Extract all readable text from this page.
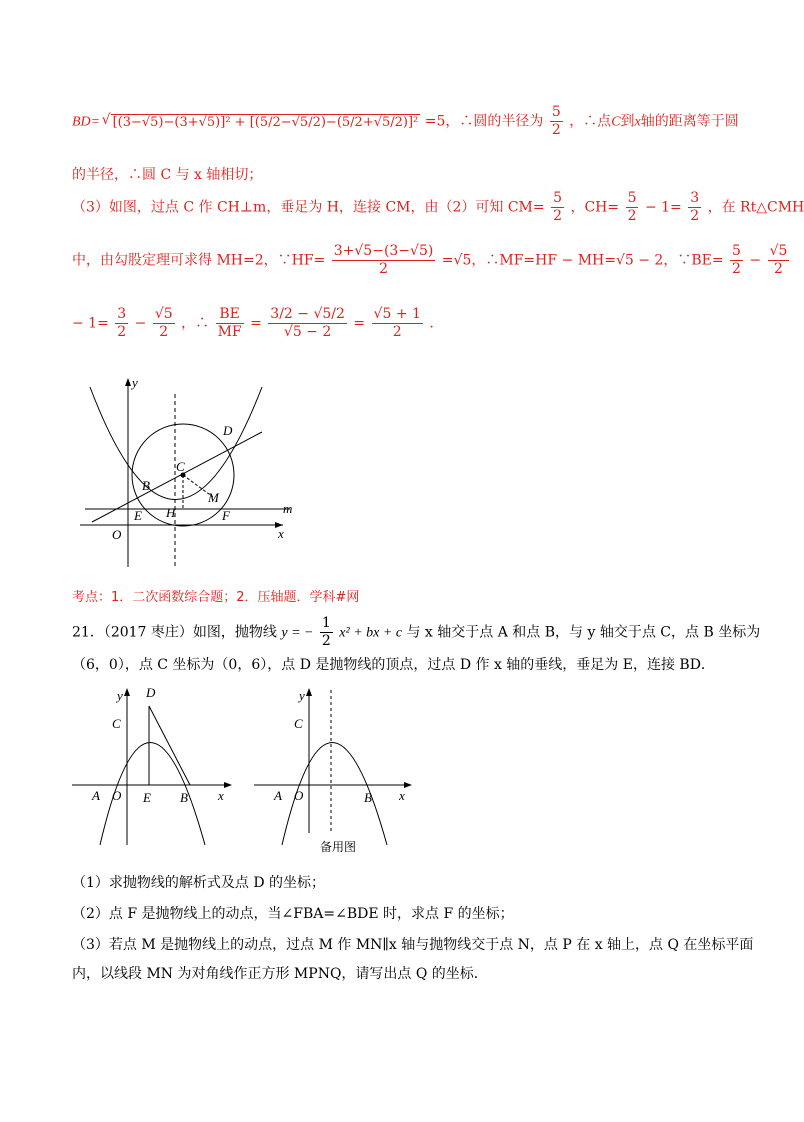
BD= √ [(3−√5)−(3+√5)]² + [(5/2−√5/2)−(5/2+√5/2)]² =5，∴圆的半径为 $\frac{5}{2}$ ，∴点C到x轴的距离等于圆
的半径，∴圆 C 与 x 轴相切；
（3）如图，过点 C 作 CH⊥m，垂足为 H，连接 CM，由（2）可知 $CM= \frac{5}{2}$ ，$CH= \frac{5}{2} - 1= \frac{3}{2}$ ，在 Rt△CMH
中，由勾股定理可求得 MH=2，∵HF= $\frac{3+√5-(3-√5)}{2} =√5$，∴MF=HF − MH=√5 − 2，∵BE= $\frac{5}{2} - \frac{√5}{2}$
− $1= \frac{3}{2} - \frac{√5}{2}$ ，∴ $\frac{BE}{MF} = \frac{3/2 - √5/2}{√5 - 2} = \frac{√5 + 1}{2}$ .
y
x
O
B
C
D
E H	F
M
m
考点：1．二次函数综合题；2．压轴题．学科#网
21．（2017 枣庄）如图，抛物线 y = − $\frac{1}{2} x^2$ + bx + c 与 x 轴交于点 A 和点 B，与 y 轴交于点 C，点 B 坐标为
（6，0），点 C 坐标为（0，6），点 D 是抛物线的顶点，过点 D 作 x 轴的垂线，垂足为 E，连接 BD．
y
x
A O E B
C
D	y
x
A O	B
C
备用图
（1）求抛物线的解析式及点 D 的坐标；
（2）点 F 是抛物线上的动点，当∠FBA=∠BDE 时，求点 F 的坐标；
（3）若点 M 是抛物线上的动点，过点 M 作 MN∥x 轴与抛物线交于点 N，点 P 在 x 轴上，点 Q 在坐标平面
内，以线段 MN 为对角线作正方形 MPNQ，请写出点 Q 的坐标．
